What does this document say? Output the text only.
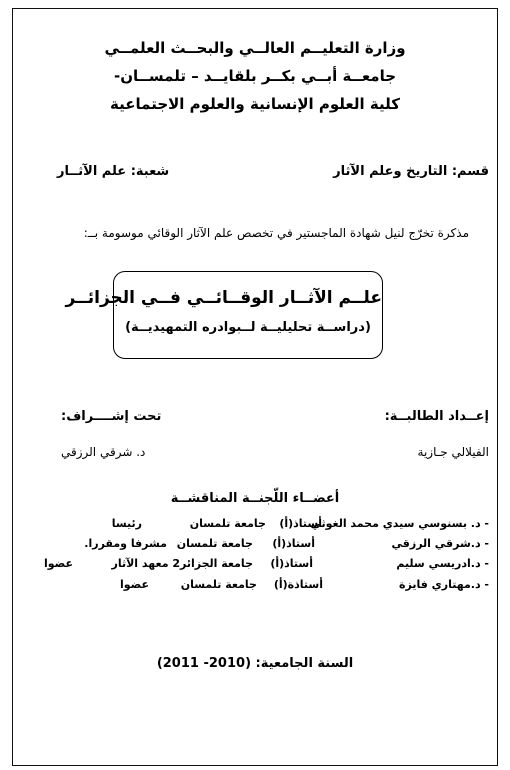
وزارة التعليــم العالــي والبحــث العلمــي
جامعــة أبــي بكــر بلقايــد – تلمســان-
كلية العلوم الإنسانية والعلوم الاجتماعية
قسم: التاريخ وعلم الآثار
شعبة: علم الآثــار
مذكرة تخرّج لنيل شهادة الماجستير في تخصص علم الآثار الوقائي موسومة بــ:
علــم الآثــار الوقــائــي فــي الجزائــر
(دراســة تحليليــة لــبوادره التمهيديــة)
إعــداد الطالبــة:
الفيلالي جـازية
تحت إشــــراف:
د. شرقي الرزقي
أعضــاء اللّجنــة المناقشــة
- د. بسنوسي سيدي محمد الغوثي
أستاذ(أ)
جامعة تلمسان
رئيسا
- د.شرقي الرزقي
أستاذ(أ)
جامعة تلمسان
مشرفا ومقررا.
- د.ادريسي سليم
أستاذ(أ)
جامعة الجزائر2 معهد الآثار
عضوا
- د.مهتاري فايزة
أستاذة(أ)
جامعة تلمسان
عضوا
السنة الجامعية: (2010- 2011)
